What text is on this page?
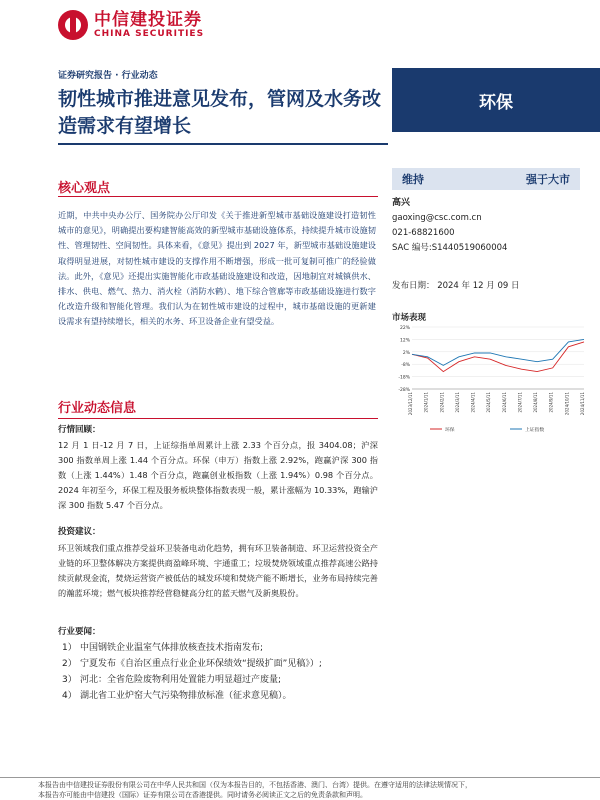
中信建投证券
CHINA SECURITIES
证券研究报告 · 行业动态
韧性城市推进意见发布，管网及水务改造需求有望增长
环保
维持	强于大市
高兴
gaoxing@csc.com.cn
021-68821600
SAC 编号:S1440519060004
发布日期： 2024 年 12 月 09 日
市场表现
22%
12%
2%
-8%
-18%
-28%
2023/12/11	2024/1/11	2024/2/11	2024/3/11	2024/4/11	2024/5/11	2024/6/11	2024/7/11	2024/8/11	2024/9/11	2024/10/11	2024/11/11
环保	上证指数
核心观点
近期，中共中央办公厅、国务院办公厅印发《关于推进新型城市基础设施建设打造韧性城市的意见》，明确提出要构建智能高效的新型城市基础设施体系，持续提升城市设施韧性、管理韧性、空间韧性。具体来看，《意见》提出到 2027 年，新型城市基础设施建设取得明显进展，对韧性城市建设的支撑作用不断增强，形成一批可复制可推广的经验做法。此外，《意见》还提出实施智能化市政基础设施建设和改造，因地制宜对城镇供水、排水、供电、燃气、热力、消火栓（消防水鹤）、地下综合管廊等市政基础设施进行数字化改造升级和智能化管理。我们认为在韧性城市建设的过程中，城市基础设施的更新建设需求有望持续增长，相关的水务、环卫设备企业有望受益。
行业动态信息
行情回顾：
12 月 1 日-12 月 7 日，上证综指单周累计上涨 2.33 个百分点，报 3404.08；沪深 300 指数单周上涨 1.44 个百分点。环保（申万）指数上涨 2.92%，跑赢沪深 300 指数（上涨 1.44%）1.48 个百分点，跑赢创业板指数（上涨 1.94%）0.98 个百分点。2024 年初至今，环保工程及服务板块整体指数表现一般，累计涨幅为 10.33%，跑输沪深 300 指数 5.47 个百分点。
投资建议：
环卫领域我们重点推荐受益环卫装备电动化趋势，拥有环卫装备制造、环卫运营投资全产业链的环卫整体解决方案提供商盈峰环境、宇通重工；垃圾焚烧领域重点推荐高速公路持续贡献现金流，焚烧运营资产被低估的城发环境和焚烧产能不断增长，业务布局持续完善的瀚蓝环境；燃气板块推荐经营稳健高分红的蓝天燃气及新奥股份。
行业要闻：
1） 中国钢铁企业温室气体排放核查技术指南发布;
2） 宁夏发布《自治区重点行业企业环保绩效“提级扩面”见稿》）;
3） 河北：全省危险废物利用处置能力明显超过产废量;
4） 湖北省工业炉窑大气污染物排放标准（征求意见稿）。
本报告由中信建投证券股份有限公司在中华人民共和国（仅为本报告目的，不包括香港、澳门、台湾）提供。在遵守适用的法律法规情况下，
本报告亦可能由中信建投（国际）证券有限公司在香港提供。同时请务必阅读正文之后的免责条款和声明。
